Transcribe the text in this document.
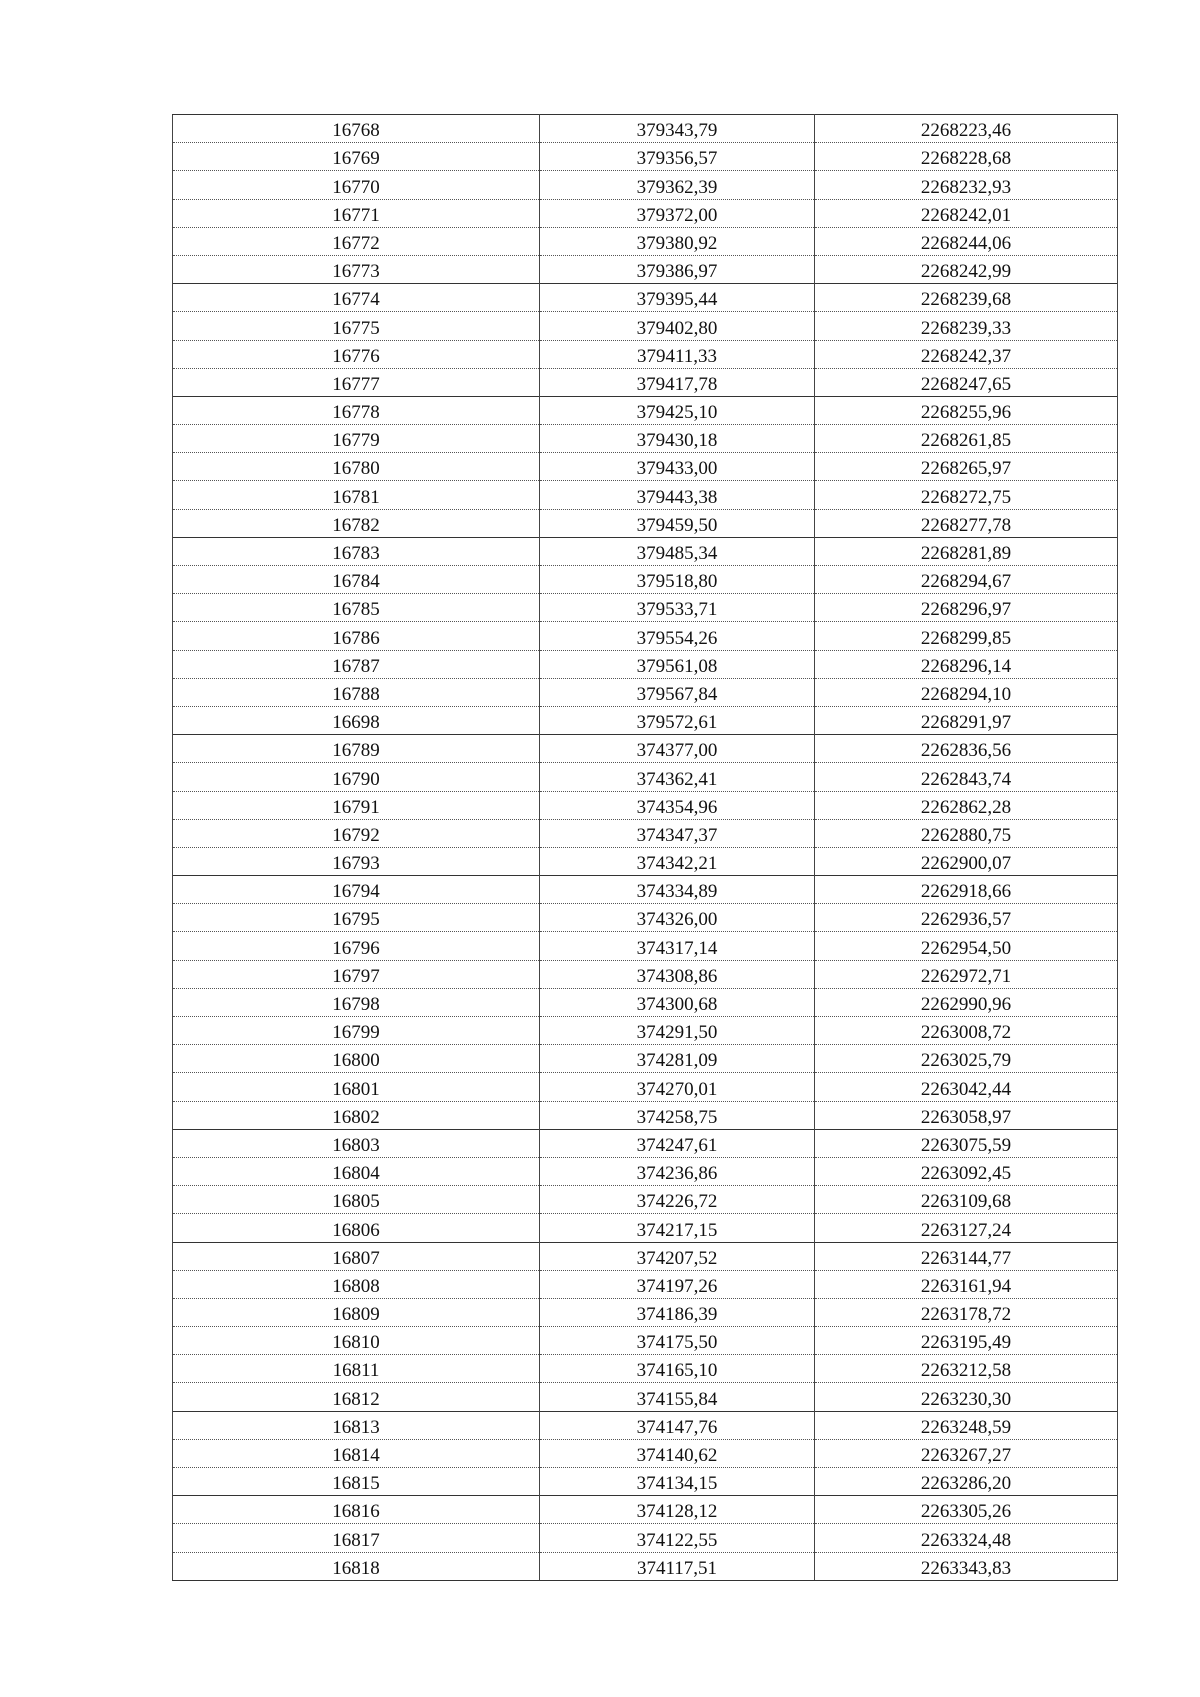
16768	379343,79	2268223,46
16769	379356,57	2268228,68
16770	379362,39	2268232,93
16771	379372,00	2268242,01
16772	379380,92	2268244,06
16773	379386,97	2268242,99
16774	379395,44	2268239,68
16775	379402,80	2268239,33
16776	379411,33	2268242,37
16777	379417,78	2268247,65
16778	379425,10	2268255,96
16779	379430,18	2268261,85
16780	379433,00	2268265,97
16781	379443,38	2268272,75
16782	379459,50	2268277,78
16783	379485,34	2268281,89
16784	379518,80	2268294,67
16785	379533,71	2268296,97
16786	379554,26	2268299,85
16787	379561,08	2268296,14
16788	379567,84	2268294,10
16698	379572,61	2268291,97
16789	374377,00	2262836,56
16790	374362,41	2262843,74
16791	374354,96	2262862,28
16792	374347,37	2262880,75
16793	374342,21	2262900,07
16794	374334,89	2262918,66
16795	374326,00	2262936,57
16796	374317,14	2262954,50
16797	374308,86	2262972,71
16798	374300,68	2262990,96
16799	374291,50	2263008,72
16800	374281,09	2263025,79
16801	374270,01	2263042,44
16802	374258,75	2263058,97
16803	374247,61	2263075,59
16804	374236,86	2263092,45
16805	374226,72	2263109,68
16806	374217,15	2263127,24
16807	374207,52	2263144,77
16808	374197,26	2263161,94
16809	374186,39	2263178,72
16810	374175,50	2263195,49
16811	374165,10	2263212,58
16812	374155,84	2263230,30
16813	374147,76	2263248,59
16814	374140,62	2263267,27
16815	374134,15	2263286,20
16816	374128,12	2263305,26
16817	374122,55	2263324,48
16818	374117,51	2263343,83
